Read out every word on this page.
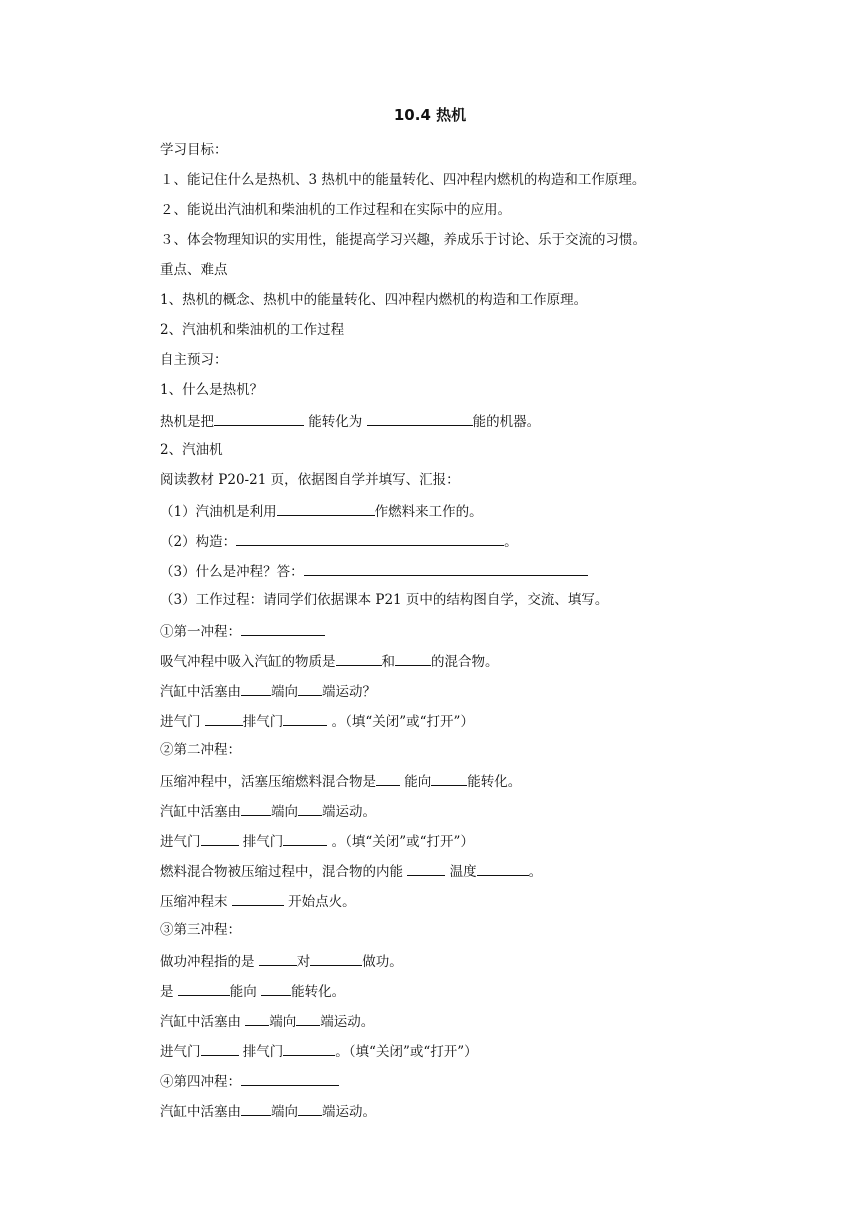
10.4 热机
学习目标：
１、能记住什么是热机、3 热机中的能量转化、四冲程内燃机的构造和工作原理。
２、能说出汽油机和柴油机的工作过程和在实际中的应用。
３、体会物理知识的实用性，能提高学习兴趣，养成乐于讨论、乐于交流的习惯。
重点、难点
1、热机的概念、热机中的能量转化、四冲程内燃机的构造和工作原理。
2、汽油机和柴油机的工作过程
自主预习：
1、什么是热机？
热机是把	能转化为	能的机器。
2、汽油机
阅读教材 P20-21 页，依据图自学并填写、汇报：
（1）汽油机是利用	作燃料来工作的。
（2）构造：	。
（3）什么是冲程？答：
（3）工作过程：请同学们依据课本 P21 页中的结构图自学，交流、填写。
①第一冲程：
吸气冲程中吸入汽缸的物质是	和	的混合物。
汽缸中活塞由 端向 端运动？
进气门	排气门	。（填“关闭”或“打开”）
②第二冲程：
压缩冲程中，活塞压缩燃料混合物是 能向	能转化。
汽缸中活塞由 端向 端运动。
进气门	排气门	。（填“关闭”或“打开”）
燃料混合物被压缩过程中，混合物的内能	温度	。
压缩冲程末	开始点火。
③第三冲程：
做功冲程指的是	对	做功。
是	能向 能转化。
汽缸中活塞由 端向 端运动。
进气门	排气门	。（填“关闭”或“打开”）
④第四冲程：
汽缸中活塞由 端向 端运动。
